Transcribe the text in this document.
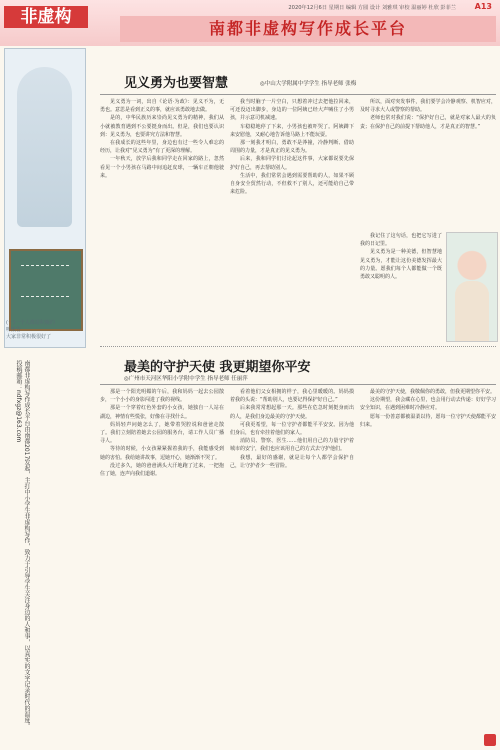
非虚构	2020年12月6日 星期日 编辑 方圆 设计 刘雅琪 审校 温丽婷 杜欣 彭菲兰 A13
南都非虚构写作成长平台
(一)一个人都很积极的
听报告
大家非常积极很好了
南都非虚构写作成长平台由南都2017发起，主打中小学生非虚构写作，致力于引导学生关注身边的人和事，以真实的文字记录时代的温度。投稿邮箱：ndfxgz@163.com
见义勇为也要智慧	◎中山大学附属中学学生 指导老师 张梅

见义勇为一词，出自《论语·为政》：见义不为，无勇也。意思是看到正义的事，就应该勇敢地去做。

是的，中华民族历来崇尚见义勇为的精神，我们从小就被教育遇到不公要挺身而出。但是，我们也要认识到：见义勇为，也要讲究方法和智慧。

在我成长的这些年里，身边也有过一些令人难忘的经历，让我对“见义勇为”有了更深的理解。

一年秋天，放学后我和同学走在回家的路上，忽然看见一个小男孩在马路中间追赶皮球，一辆车正朝他驶来。

我当时脑子一片空白，只想着冲过去把他拉回来，可还没迈出脚步，身边的一位阿姨已经大声喊住了小男孩，并示意司机减速。

车稳稳地停了下来，小男孩也被吓哭了。阿姨蹲下来安慰他，又耐心地告诉他马路上不能玩耍。

那一刻我才明白，勇敢不是莽撞，冷静判断、借助周围的力量，才是真正的见义勇为。

后来，我和同学们讨论起这件事，大家都说要先保护好自己，再去帮助别人。

生活中，我们常常会遇到需要帮助的人，如果不顾自身安全贸然行动，不但救不了别人，还可能给自己带来危险。

所以，面对突发事件，我们要学会冷静观察、机智应对，及时寻求大人或警察的帮助。

老师也常对我们说：“保护好自己，就是对家人最大的负责；在保护自己的前提下帮助他人，才是真正的智慧。”

我记住了这句话，也把它写进了我的日记里。

见义勇为是一种美德，但智慧地见义勇为，才能让这份美德发挥最大的力量。愿我们每个人都能做一个既勇敢又聪明的人。

最美的守护天使 我更期望你平安
◎广州市天河区华阳小学附中学生 指导老师 任丽萍

那是一个阳光明媚的午后，我和妈妈一起去公园散步，一个小小的身影闯进了我的视线。

那是一个穿着红色外套的小女孩，她独自一人站在湖边，神情有些慌张，好像在寻找什么。

妈妈轻声问她怎么了，她带着哭腔说和爸爸走散了。我们立刻陪着她去公园的服务台，请工作人员广播寻人。

等待的时候，小女孩紧紧握着我的手，我能感受到她的害怕。我给她讲故事，逗她开心，她渐渐不哭了。

没过多久，她的爸爸满头大汗地跑了过来，一把抱住了她，连声向我们道谢。

看着他们父女相拥的样子，我心里暖暖的。妈妈摸着我的头说：“帮助别人，也要记得保护好自己。”

后来我常常想起那一天。那些在危急时刻挺身而出的人，是我们身边最美的守护天使。

可我更希望，每一位守护者都能平平安安。因为他们身后，也有牵挂着他们的家人。

消防员、警察、医生……他们用自己的力量守护着城市的安宁，我们也应该用自己的方式去守护他们。

我想，最好的感谢，就是让每个人都学会保护自己，让守护者少一些冒险。

最美的守护天使，我敬佩你的勇敢，但我更期望你平安。

这份期望，我会藏在心里，也会用行动去传递：好好学习安全知识，在遇到困难时冷静应对。

愿每一份善意都被温柔以待，愿每一位守护天使都能平安归来。
